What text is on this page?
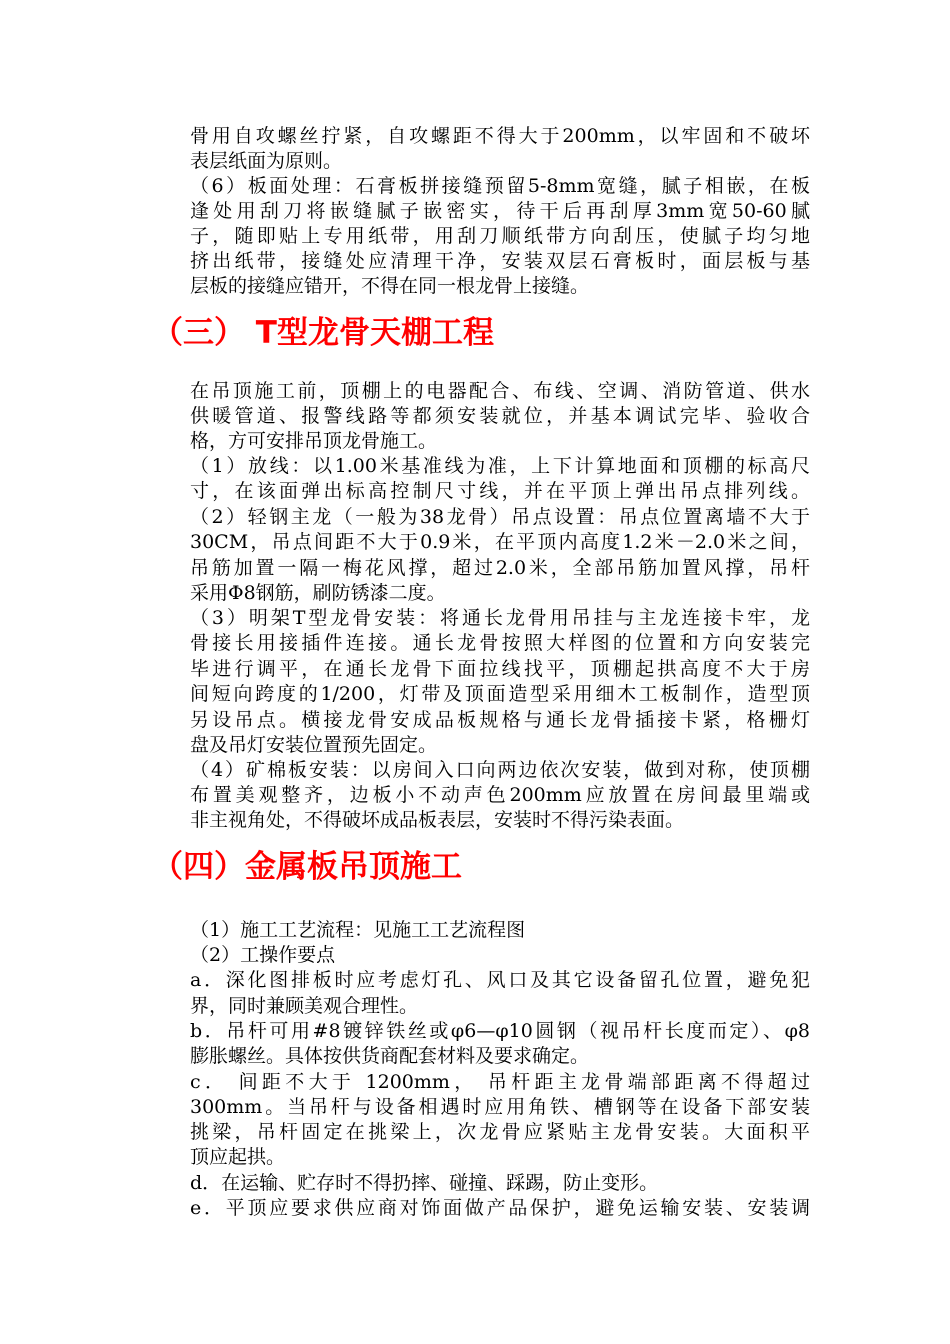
骨用自攻螺丝拧紧，自攻螺距不得大于200mm，以牢固和不破坏
表层纸面为原则。
（6）板面处理：石膏板拼接缝预留5-8mm宽缝，腻子相嵌，在板
逢处用刮刀将嵌缝腻子嵌密实，待干后再刮厚3mm宽50-60腻
子，随即贴上专用纸带，用刮刀顺纸带方向刮压，使腻子均匀地
挤出纸带，接缝处应清理干净，安装双层石膏板时，面层板与基
层板的接缝应错开，不得在同一根龙骨上接缝。
（三） T型龙骨天棚工程
在吊顶施工前，顶棚上的电器配合、布线、空调、消防管道、供水
供暖管道、报警线路等都须安装就位，并基本调试完毕、验收合
格，方可安排吊顶龙骨施工。
（1）放线：以1.00米基准线为准，上下计算地面和顶棚的标高尺
寸，在该面弹出标高控制尺寸线，并在平顶上弹出吊点排列线。
（2）轻钢主龙（一般为38龙骨）吊点设置：吊点位置离墙不大于
30CM，吊点间距不大于0.9米，在平顶内高度1.2米－2.0米之间，
吊筋加置一隔一梅花风撑，超过2.0米，全部吊筋加置风撑，吊杆
采用Φ8钢筋，刷防锈漆二度。
（3）明架T型龙骨安装：将通长龙骨用吊挂与主龙连接卡牢，龙
骨接长用接插件连接。通长龙骨按照大样图的位置和方向安装完
毕进行调平，在通长龙骨下面拉线找平，顶棚起拱高度不大于房
间短向跨度的1/200，灯带及顶面造型采用细木工板制作，造型顶
另设吊点。横接龙骨安成品板规格与通长龙骨插接卡紧，格栅灯
盘及吊灯安装位置预先固定。
（4）矿棉板安装：以房间入口向两边依次安装，做到对称，使顶棚
布置美观整齐，边板小不动声色200mm应放置在房间最里端或
非主视角处，不得破坏成品板表层，安装时不得污染表面。
（四）金属板吊顶施工
（1）施工工艺流程：见施工工艺流程图
（2）工操作要点
a．深化图排板时应考虑灯孔、风口及其它设备留孔位置，避免犯
界，同时兼顾美观合理性。
b．吊杆可用#8镀锌铁丝或φ6—φ10圆钢（视吊杆长度而定）、φ8
膨胀螺丝。具体按供货商配套材料及要求确定。
c． 间距不大于 1200mm， 吊杆距主龙骨端部距离不得超过
300mm。当吊杆与设备相遇时应用角铁、槽钢等在设备下部安装
挑梁，吊杆固定在挑梁上，次龙骨应紧贴主龙骨安装。大面积平
顶应起拱。
d．在运输、贮存时不得扔摔、碰撞、踩踢，防止变形。
e．平顶应要求供应商对饰面做产品保护，避免运输安装、安装调
